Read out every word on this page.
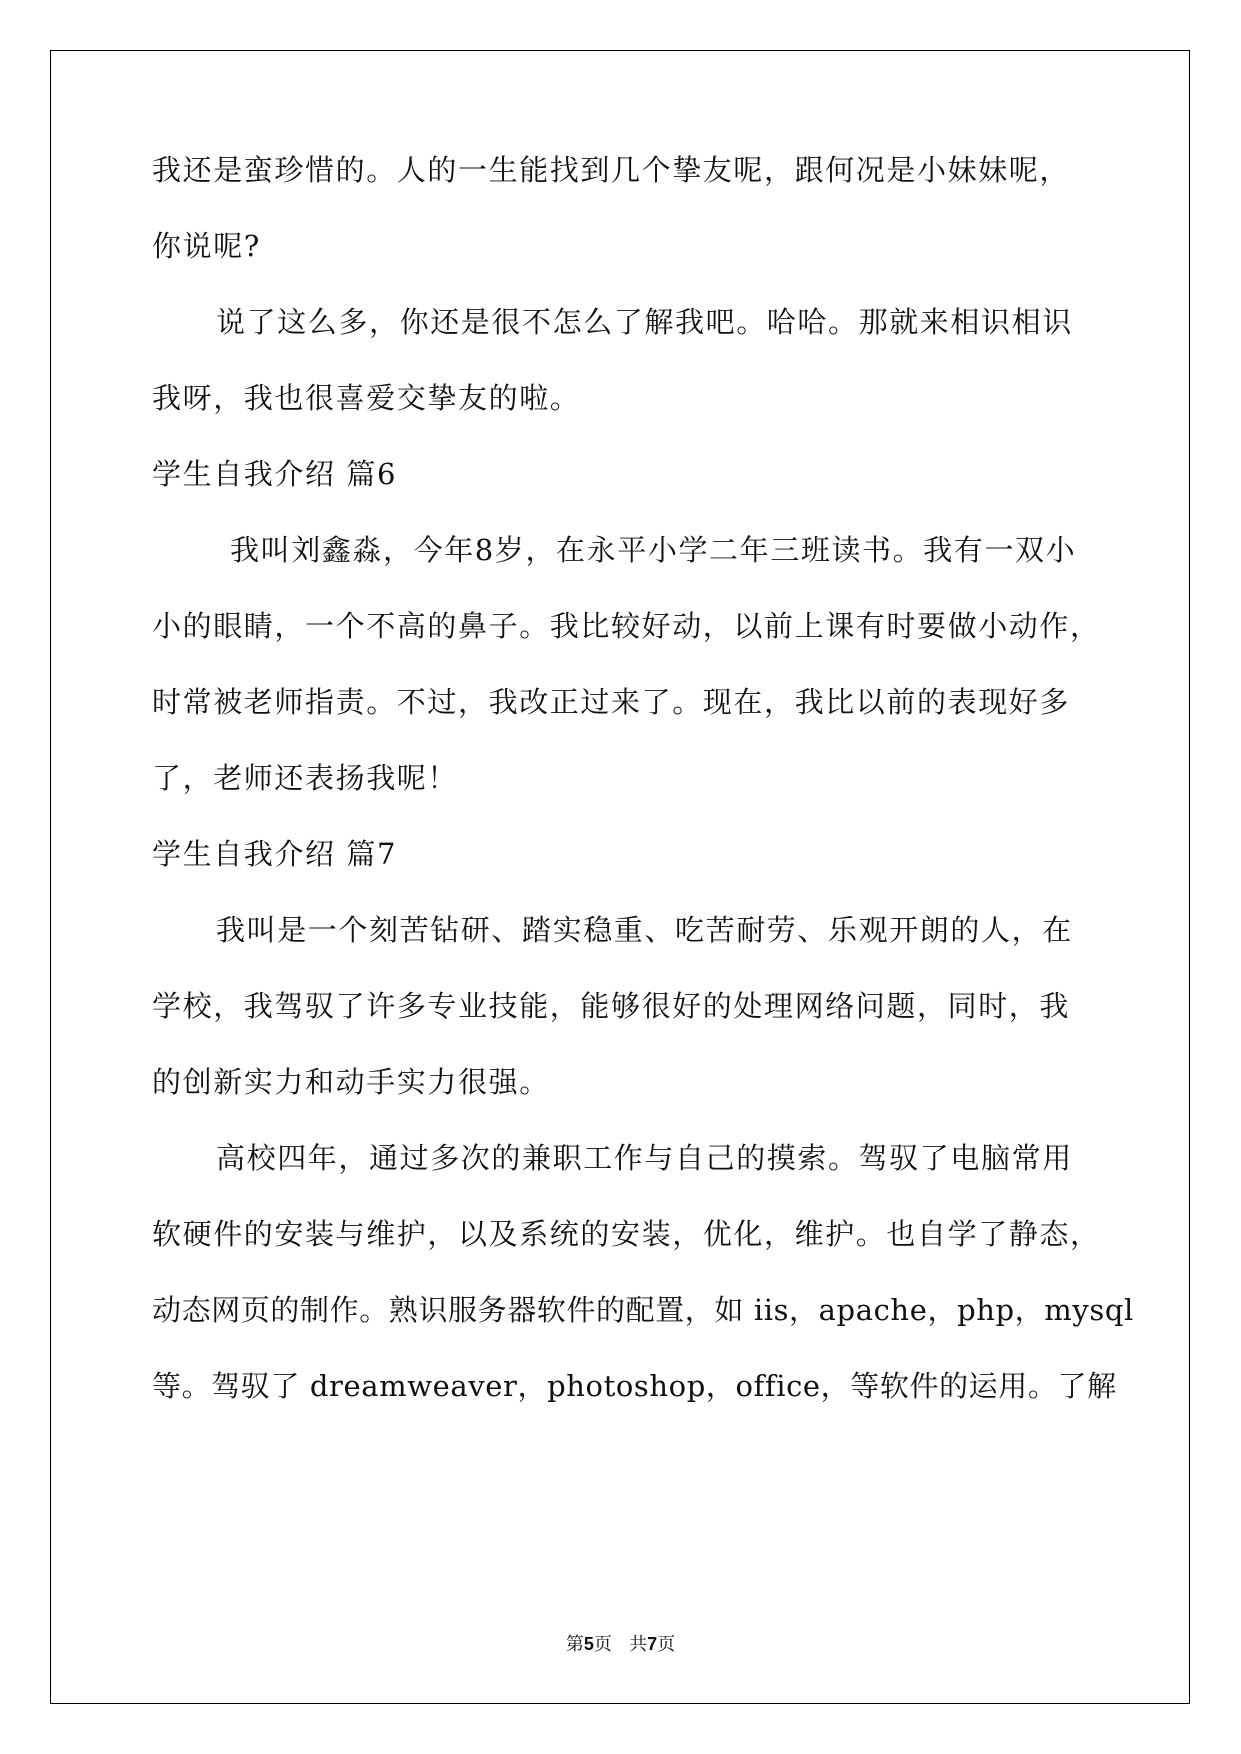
我还是蛮珍惜的。人的一生能找到几个挚友呢，跟何况是小妹妹呢，
你说呢?
说了这么多，你还是很不怎么了解我吧。哈哈。那就来相识相识
我呀，我也很喜爱交挚友的啦。
学生自我介绍 篇6
我叫刘鑫淼，今年8岁，在永平小学二年三班读书。我有一双小
小的眼睛，一个不高的鼻子。我比较好动，以前上课有时要做小动作，
时常被老师指责。不过，我改正过来了。现在，我比以前的表现好多
了，老师还表扬我呢！
学生自我介绍 篇7
我叫是一个刻苦钻研、踏实稳重、吃苦耐劳、乐观开朗的人，在
学校，我驾驭了许多专业技能，能够很好的处理网络问题，同时，我
的创新实力和动手实力很强。
高校四年，通过多次的兼职工作与自己的摸索。驾驭了电脑常用
软硬件的安装与维护，以及系统的安装，优化，维护。也自学了静态，
动态网页的制作。熟识服务器软件的配置，如 iis，apache，php，mysql
等。驾驭了 dreamweaver，photoshop，office，等软件的运用。了解
第5页   共7页
